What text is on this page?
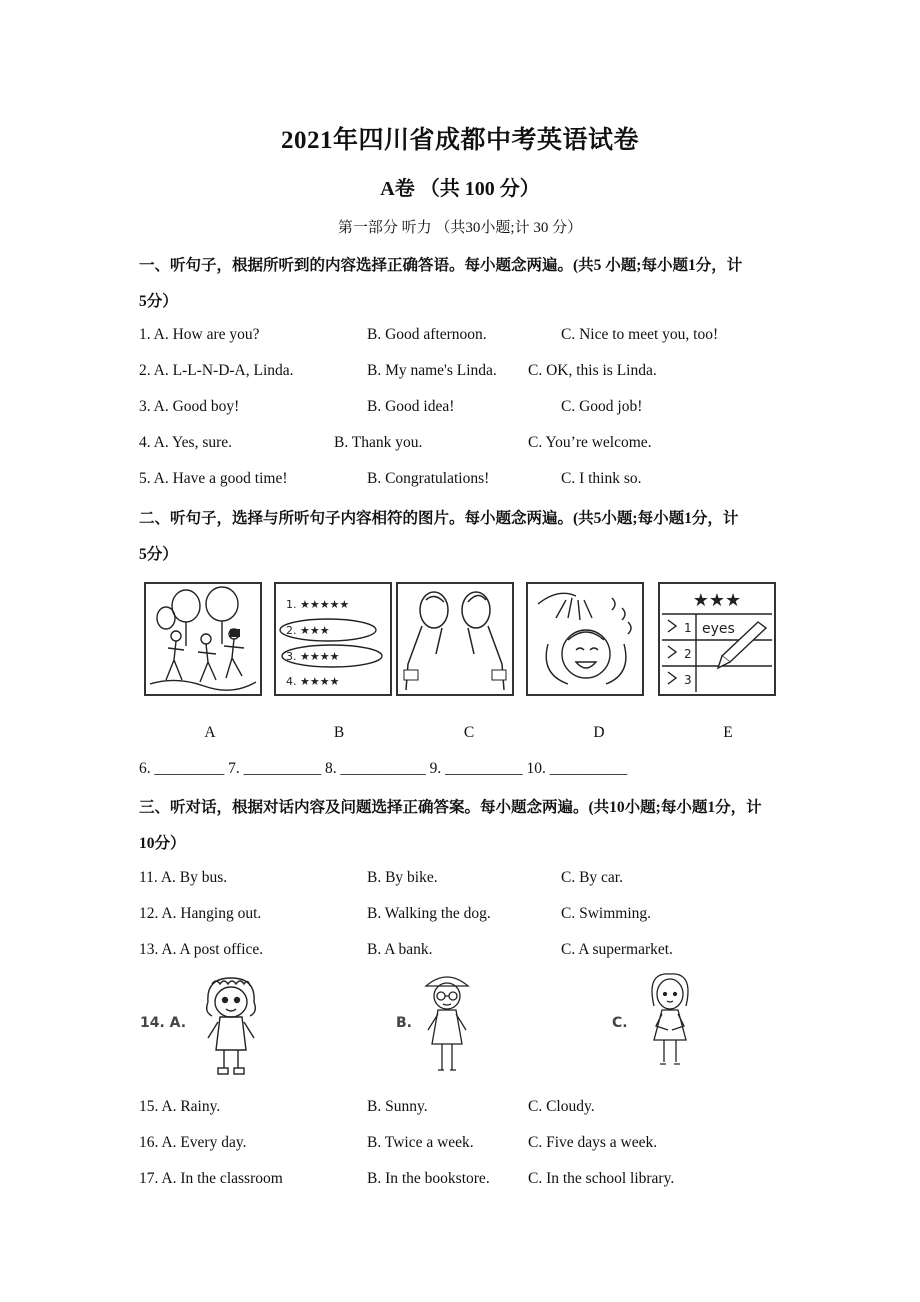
2021年四川省成都中考英语试卷
A卷 （共 100 分）
第一部分 听力 （共30小题;计 30 分）
一、听句子，根据所听到的内容选择正确答语。每小题念两遍。(共5 小题;每小题1分，计
5分）
1. A. How are you?	B. Good afternoon.	C. Nice to meet you, too!
2. A. L-L-N-D-A, Linda.	B. My name's Linda. C. OK, this is Linda.
3. A. Good boy!	B. Good idea!	C. Good job!
4. A. Yes, sure.	B. Thank you.	C. You’re welcome.
5. A. Have a good time!	B. Congratulations!	C. I think so.
二、听句子，选择与所听句子内容相符的图片。每小题念两遍。(共5小题;每小题1分，计
5分）
1. ★★★★★
2. ★★★
3. ★★★★
4. ★★★★
★★★
1
2
3
eyes
A	B	C	D	E
6. _________ 7. __________ 8. ___________ 9. __________ 10. __________
三、听对话，根据对话内容及问题选择正确答案。每小题念两遍。(共10小题;每小题1分，计
10分）
11. A. By bus.	B. By bike.	C. By car.
12. A. Hanging out.	B. Walking the dog.	C. Swimming.
13. A. A post office.	B. A bank.	C. A supermarket.
14. A.	B.	C.
15. A. Rainy.	B. Sunny.	C. Cloudy.
16. A. Every day.	B. Twice a week.	C. Five days a week.
17. A. In the classroom	B. In the bookstore. C. In the school library.
